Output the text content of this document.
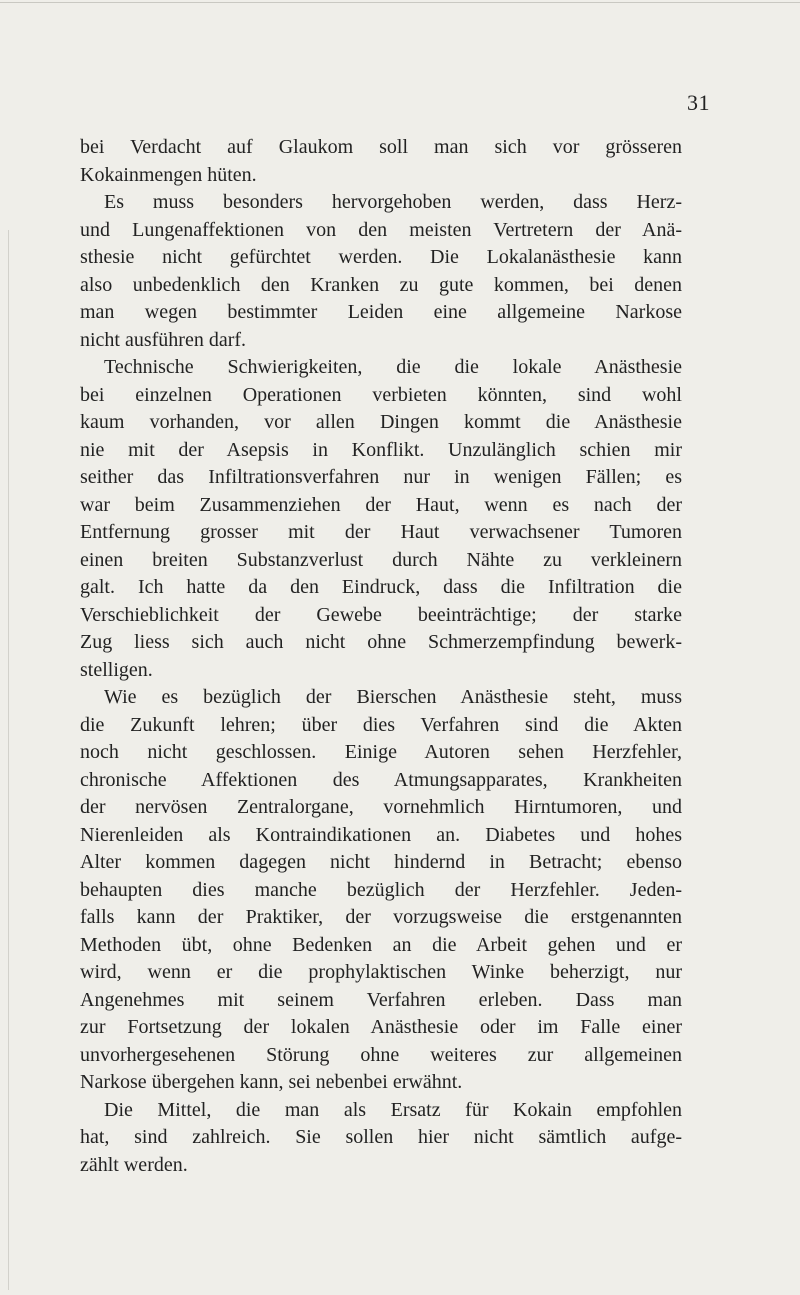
31
bei Verdacht auf Glaukom soll man sich vor grösseren
Kokainmengen hüten.
Es muss besonders hervorgehoben werden, dass Herz-
und Lungenaffektionen von den meisten Vertretern der Anä-
sthesie nicht gefürchtet werden. Die Lokalanästhesie kann
also unbedenklich den Kranken zu gute kommen, bei denen
man wegen bestimmter Leiden eine allgemeine Narkose
nicht ausführen darf.
Technische Schwierigkeiten, die die lokale Anästhesie
bei einzelnen Operationen verbieten könnten, sind wohl
kaum vorhanden, vor allen Dingen kommt die Anästhesie
nie mit der Asepsis in Konflikt. Unzulänglich schien mir
seither das Infiltrationsverfahren nur in wenigen Fällen; es
war beim Zusammenziehen der Haut, wenn es nach der
Entfernung grosser mit der Haut verwachsener Tumoren
einen breiten Substanzverlust durch Nähte zu verkleinern
galt. Ich hatte da den Eindruck, dass die Infiltration die
Verschieblichkeit der Gewebe beeinträchtige; der starke
Zug liess sich auch nicht ohne Schmerzempfindung bewerk-
stelligen.
Wie es bezüglich der Bierschen Anästhesie steht, muss
die Zukunft lehren; über dies Verfahren sind die Akten
noch nicht geschlossen. Einige Autoren sehen Herzfehler,
chronische Affektionen des Atmungsapparates, Krankheiten
der nervösen Zentralorgane, vornehmlich Hirntumoren, und
Nierenleiden als Kontraindikationen an. Diabetes und hohes
Alter kommen dagegen nicht hindernd in Betracht; ebenso
behaupten dies manche bezüglich der Herzfehler. Jeden-
falls kann der Praktiker, der vorzugsweise die erstgenannten
Methoden übt, ohne Bedenken an die Arbeit gehen und er
wird, wenn er die prophylaktischen Winke beherzigt, nur
Angenehmes mit seinem Verfahren erleben. Dass man
zur Fortsetzung der lokalen Anästhesie oder im Falle einer
unvorhergesehenen Störung ohne weiteres zur allgemeinen
Narkose übergehen kann, sei nebenbei erwähnt.
Die Mittel, die man als Ersatz für Kokain empfohlen
hat, sind zahlreich. Sie sollen hier nicht sämtlich aufge-
zählt werden.
